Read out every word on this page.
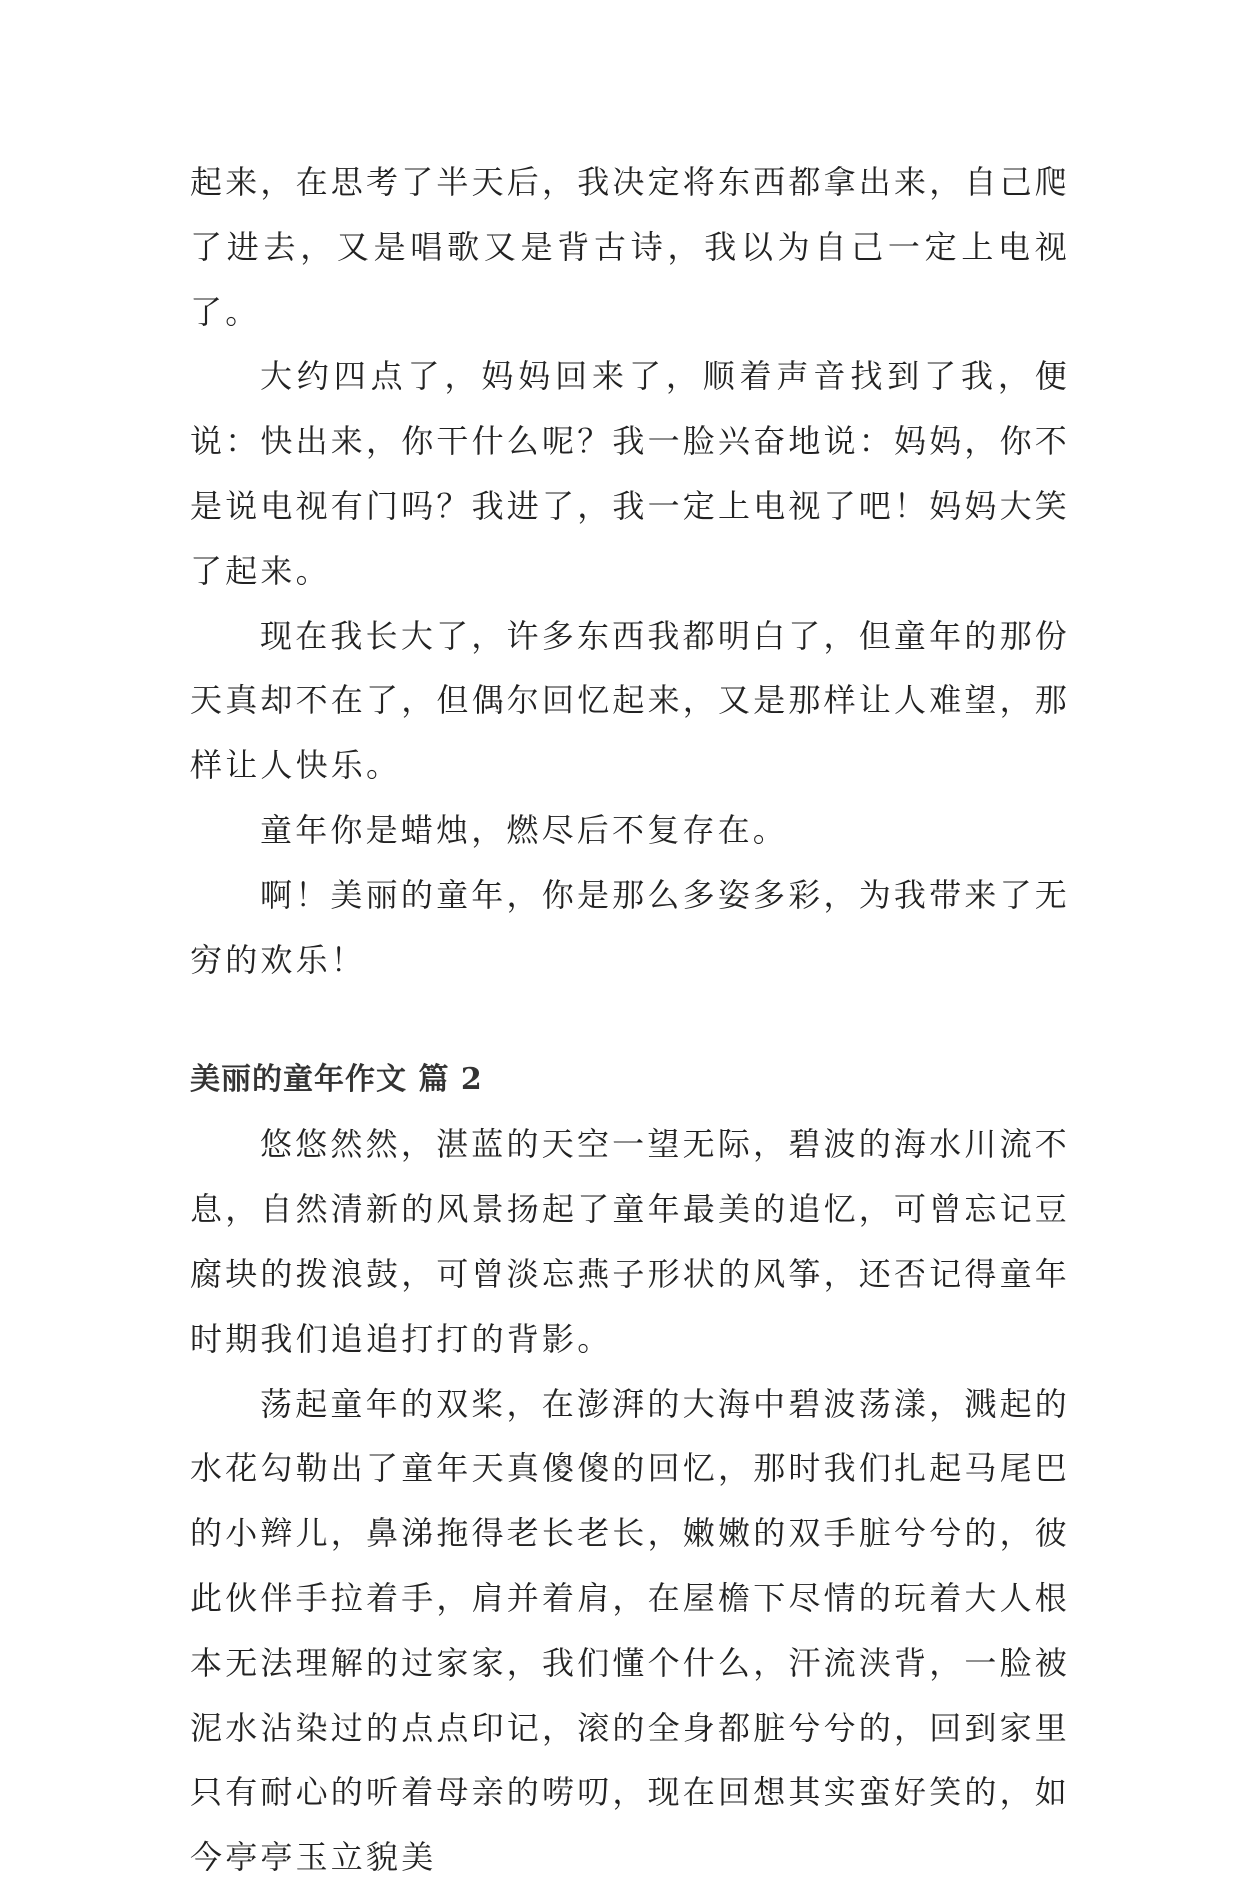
起来，在思考了半天后，我决定将东西都拿出来，自己爬了进去，又是唱歌又是背古诗，我以为自己一定上电视了。

大约四点了，妈妈回来了，顺着声音找到了我，便说：快出来，你干什么呢？我一脸兴奋地说：妈妈，你不是说电视有门吗？我进了，我一定上电视了吧！妈妈大笑了起来。

现在我长大了，许多东西我都明白了，但童年的那份天真却不在了，但偶尔回忆起来，又是那样让人难望，那样让人快乐。

童年你是蜡烛，燃尽后不复存在。

啊！美丽的童年，你是那么多姿多彩，为我带来了无穷的欢乐！

美丽的童年作文 篇 2

悠悠然然，湛蓝的天空一望无际，碧波的海水川流不息，自然清新的风景扬起了童年最美的追忆，可曾忘记豆腐块的拨浪鼓，可曾淡忘燕子形状的风筝，还否记得童年时期我们追追打打的背影。

荡起童年的双桨，在澎湃的大海中碧波荡漾，溅起的水花勾勒出了童年天真傻傻的回忆，那时我们扎起马尾巴的小辫儿，鼻涕拖得老长老长，嫩嫩的双手脏兮兮的，彼此伙伴手拉着手，肩并着肩，在屋檐下尽情的玩着大人根本无法理解的过家家，我们懂个什么，汗流浃背，一脸被泥水沾染过的点点印记，滚的全身都脏兮兮的，回到家里只有耐心的听着母亲的唠叨，现在回想其实蛮好笑的，如今亭亭玉立貌美
